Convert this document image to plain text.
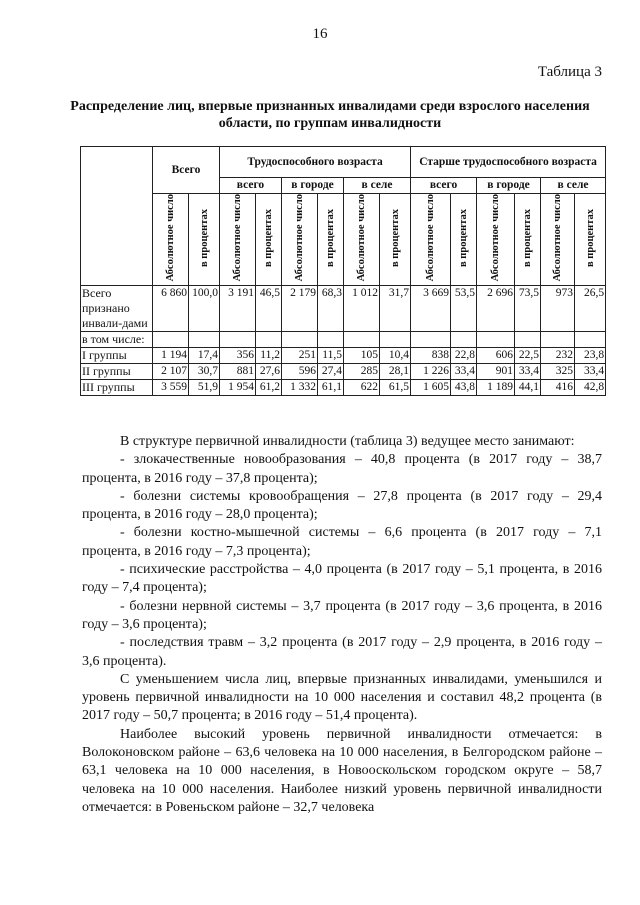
16
Таблица 3
Распределение лиц, впервые признанных инвалидами среди взрослого населения области, по группам инвалидности
	Всего		Трудоспособного возраста						Старше трудоспособного возраста					
			всего		в городе		в селе		всего		в городе		в селе	
	Абсолютное число	в процентах	Абсолютное число	в процентах	Абсолютное число	в процентах	Абсолютное число	в процентах	Абсолютное число	в процентах	Абсолютное число	в процентах	Абсолютное число	в процентах
Всего признано инвали-дами	6 860	100,0	3 191	46,5	2 179	68,3	1 012	31,7	3 669	53,5	2 696	73,5	973	26,5
в том числе:														
I группы	1 194	17,4	356	11,2	251	11,5	105	10,4	838	22,8	606	22,5	232	23,8
II группы	2 107	30,7	881	27,6	596	27,4	285	28,1	1 226	33,4	901	33,4	325	33,4
III группы	3 559	51,9	1 954	61,2	1 332	61,1	622	61,5	1 605	43,8	1 189	44,1	416	42,8

В структуре первичной инвалидности (таблица 3) ведущее место занимают:

- злокачественные новообразования – 40,8 процента (в 2017 году – 38,7 процента, в 2016 году – 37,8 процента);

- болезни системы кровообращения – 27,8 процента (в 2017 году – 29,4 процента, в 2016 году – 28,0 процента);

- болезни костно-мышечной системы – 6,6 процента (в 2017 году – 7,1 процента, в 2016 году – 7,3 процента);

- психические расстройства – 4,0 процента (в 2017 году – 5,1 процента, в 2016 году – 7,4 процента);

- болезни нервной системы – 3,7 процента (в 2017 году – 3,6 процента, в 2016 году – 3,6 процента);

- последствия травм – 3,2 процента (в 2017 году – 2,9 процента, в 2016 году – 3,6 процента).

С уменьшением числа лиц, впервые признанных инвалидами, уменьшился и уровень первичной инвалидности на 10 000 населения и составил 48,2 процента (в 2017 году – 50,7 процента; в 2016 году – 51,4 процента).

Наиболее высокий уровень первичной инвалидности отмечается: в Волоконовском районе – 63,6 человека на 10 000 населения, в Белгородском районе – 63,1 человека на 10 000 населения, в Новооскольском городском округе – 58,7 человека на 10 000 населения. Наиболее низкий уровень первичной инвалидности отмечается: в Ровеньском районе – 32,7 человека
